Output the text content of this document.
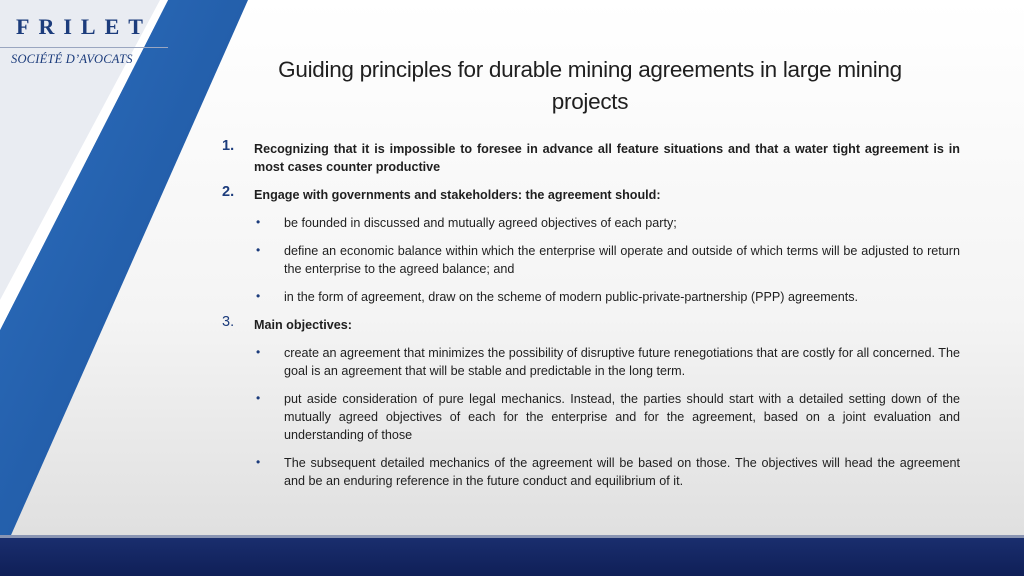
FRILET
SOCIÉTÉ D’AVOCATS	Guiding principles for durable mining agreements in large mining projects
1. Recognizing that it is impossible to foresee in advance all feature situations and that a water tight agreement is in most cases counter productive
2. Engage with governments and stakeholders: the agreement should:
• be founded in discussed and mutually agreed objectives of each party;
• define an economic balance within which the enterprise will operate and outside of which terms will be adjusted to return the enterprise to the agreed balance; and
• in the form of agreement, draw on the scheme of modern public-private-partnership (PPP) agreements.
3. Main objectives:
• create an agreement that minimizes the possibility of disruptive future renegotiations that are costly for all concerned. The goal is an agreement that will be stable and predictable in the long term.
• put aside consideration of pure legal mechanics. Instead, the parties should start with a detailed setting down of the mutually agreed objectives of each for the enterprise and for the agreement, based on a joint evaluation and understanding of those
• The subsequent detailed mechanics of the agreement will be based on those. The objectives will head the agreement and be an enduring reference in the future conduct and equilibrium of it.
